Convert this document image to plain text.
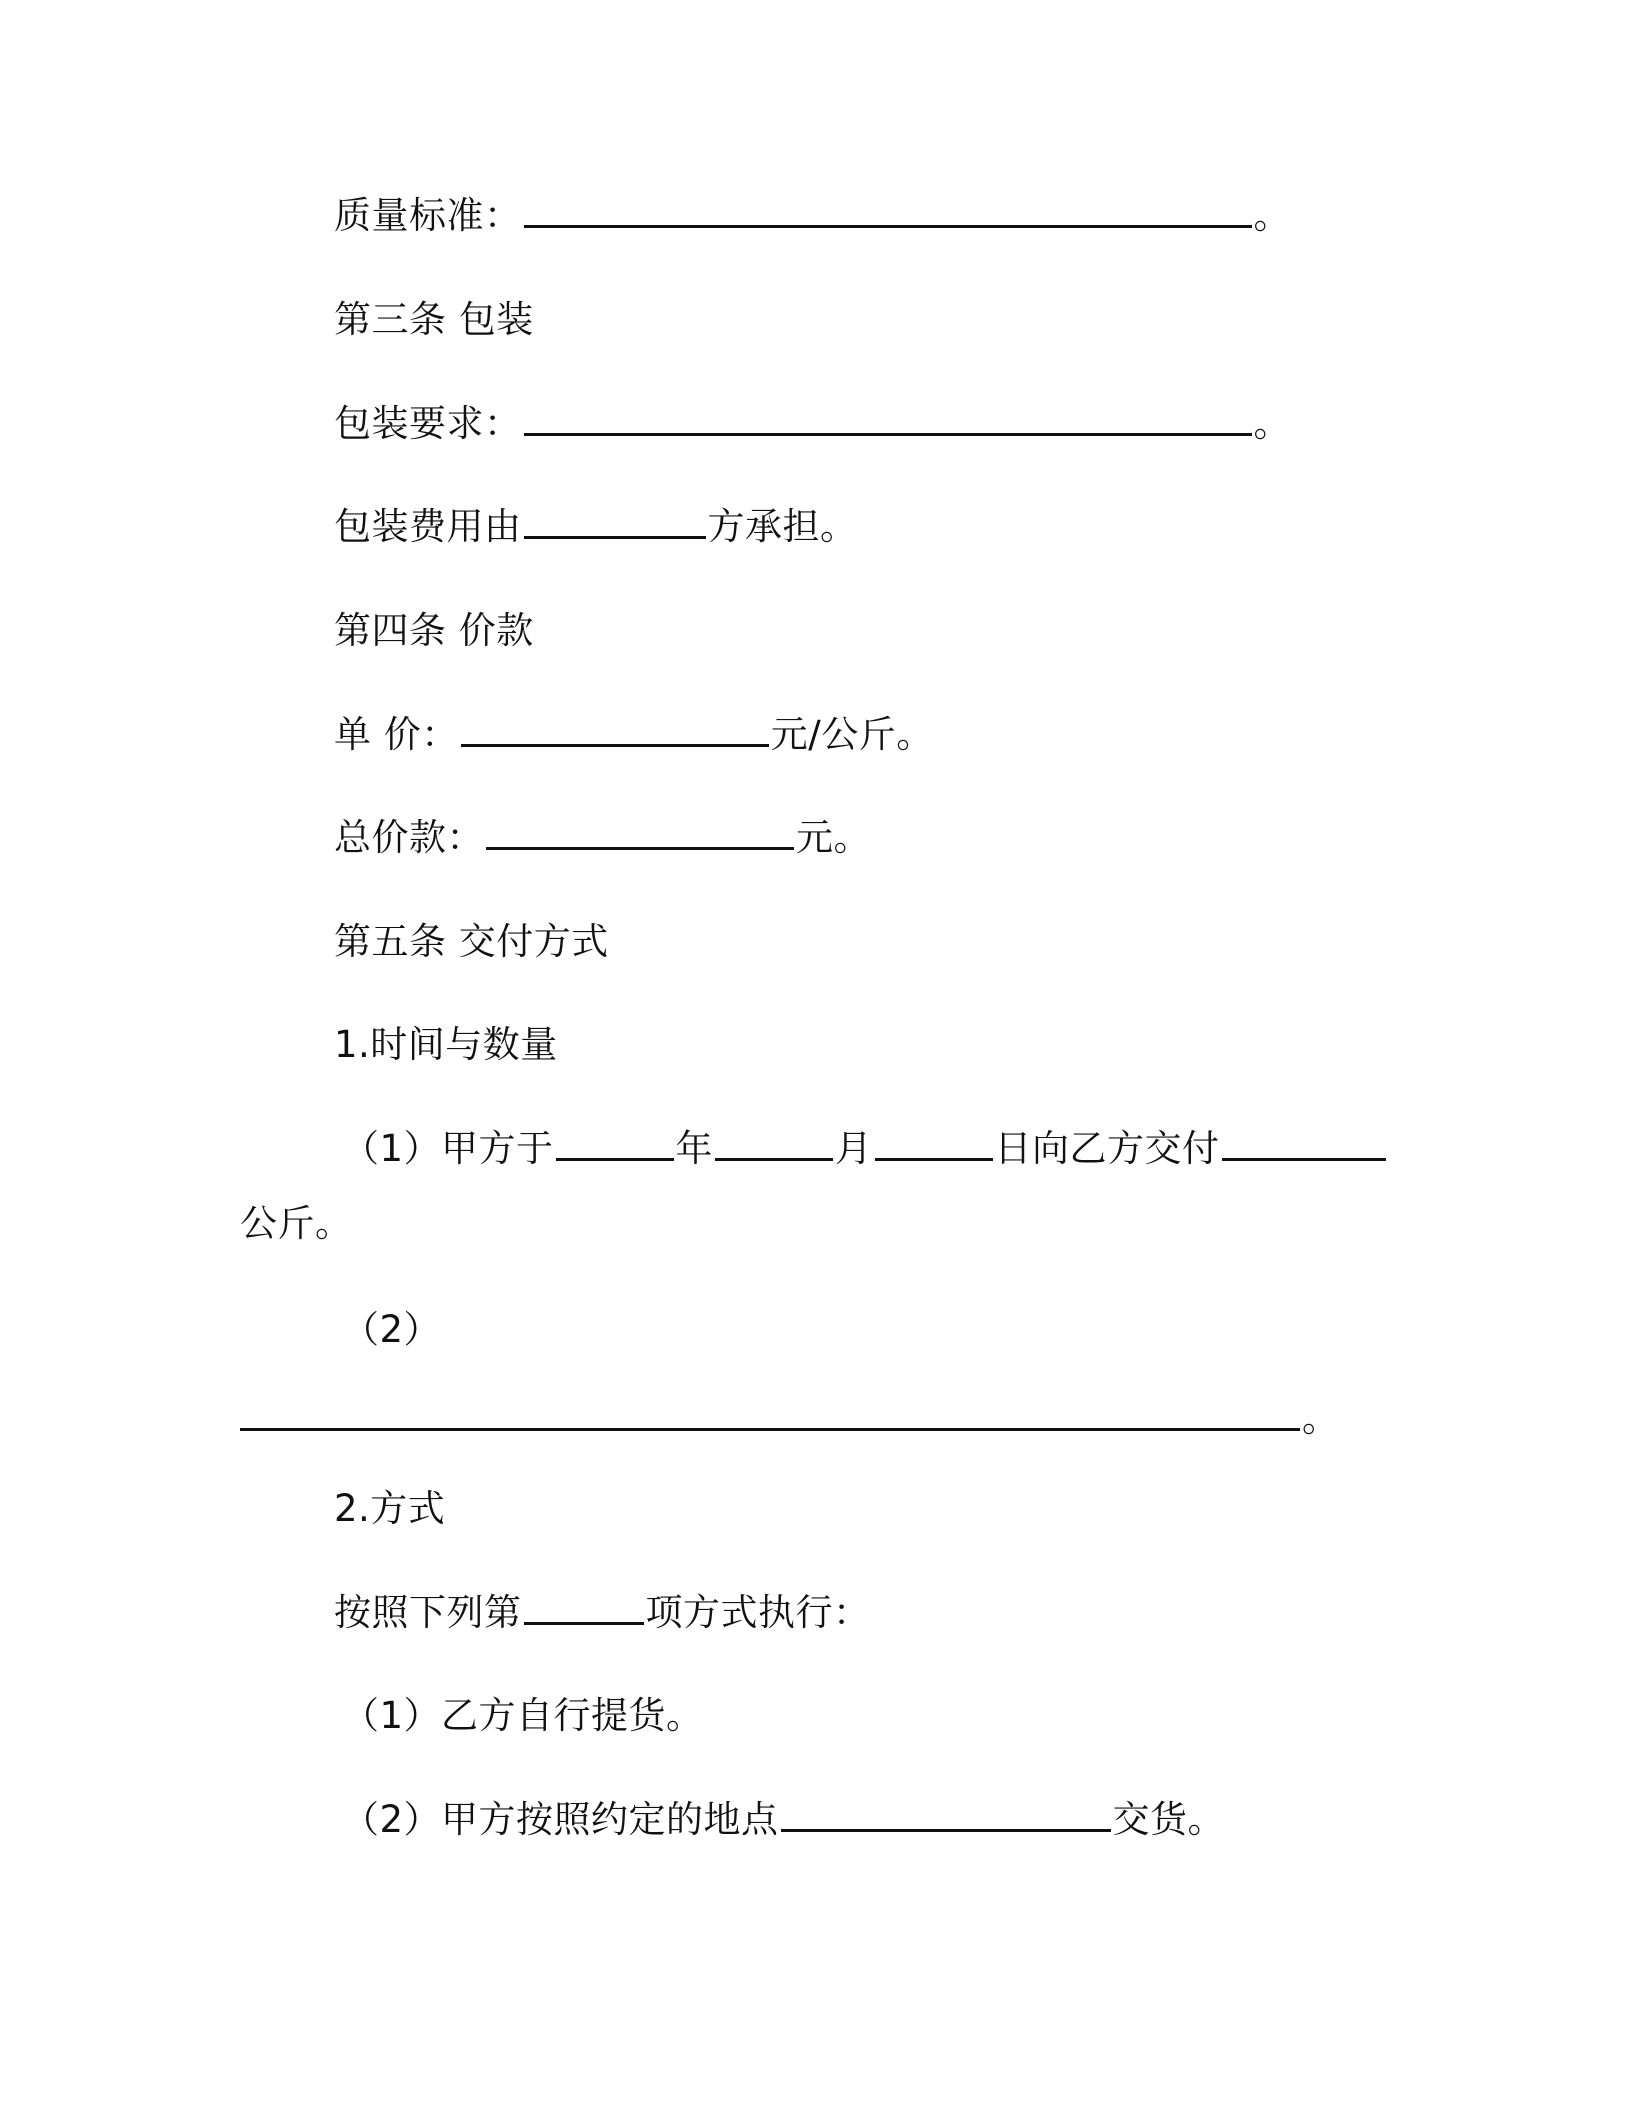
质量标准：	。
第三条 包装
包装要求：	。
包装费用由	方承担。
第四条 价款
单 价：	元/公斤。
总价款：	元。
第五条 交付方式
1.时间与数量
（1）甲方于	年	月	日向乙方交付
公斤。
（2）
。
2.方式
按照下列第	项方式执行：
（1）乙方自行提货。
（2）甲方按照约定的地点	交货。
